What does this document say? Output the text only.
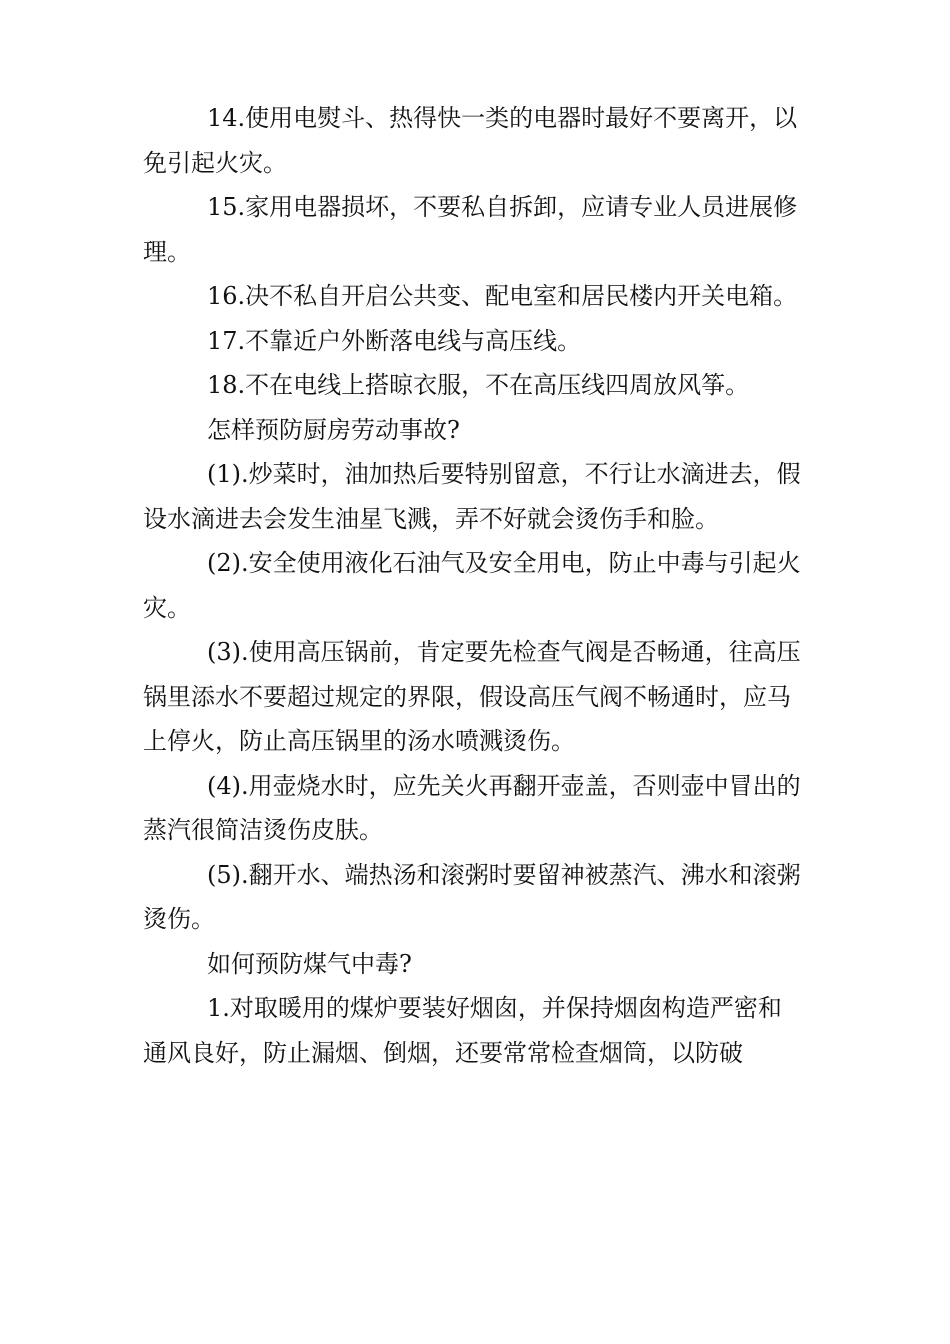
14.使用电熨斗、热得快一类的电器时最好不要离开，以免引起火灾。

15.家用电器损坏，不要私自拆卸，应请专业人员进展修理。

16.决不私自开启公共变、配电室和居民楼内开关电箱。

17.不靠近户外断落电线与高压线。

18.不在电线上搭晾衣服，不在高压线四周放风筝。

怎样预防厨房劳动事故?

(1).炒菜时，油加热后要特别留意，不行让水滴进去，假设水滴进去会发生油星飞溅，弄不好就会烫伤手和脸。

(2).安全使用液化石油气及安全用电，防止中毒与引起火灾。

(3).使用高压锅前，肯定要先检查气阀是否畅通，往高压锅里添水不要超过规定的界限，假设高压气阀不畅通时，应马上停火，防止高压锅里的汤水喷溅烫伤。

(4).用壶烧水时，应先关火再翻开壶盖，否则壶中冒出的蒸汽很简洁烫伤皮肤。

(5).翻开水、端热汤和滚粥时要留神被蒸汽、沸水和滚粥烫伤。

如何预防煤气中毒?

1.对取暖用的煤炉要装好烟囱，并保持烟囱构造严密和通风良好，防止漏烟、倒烟，还要常常检查烟筒，以防破
